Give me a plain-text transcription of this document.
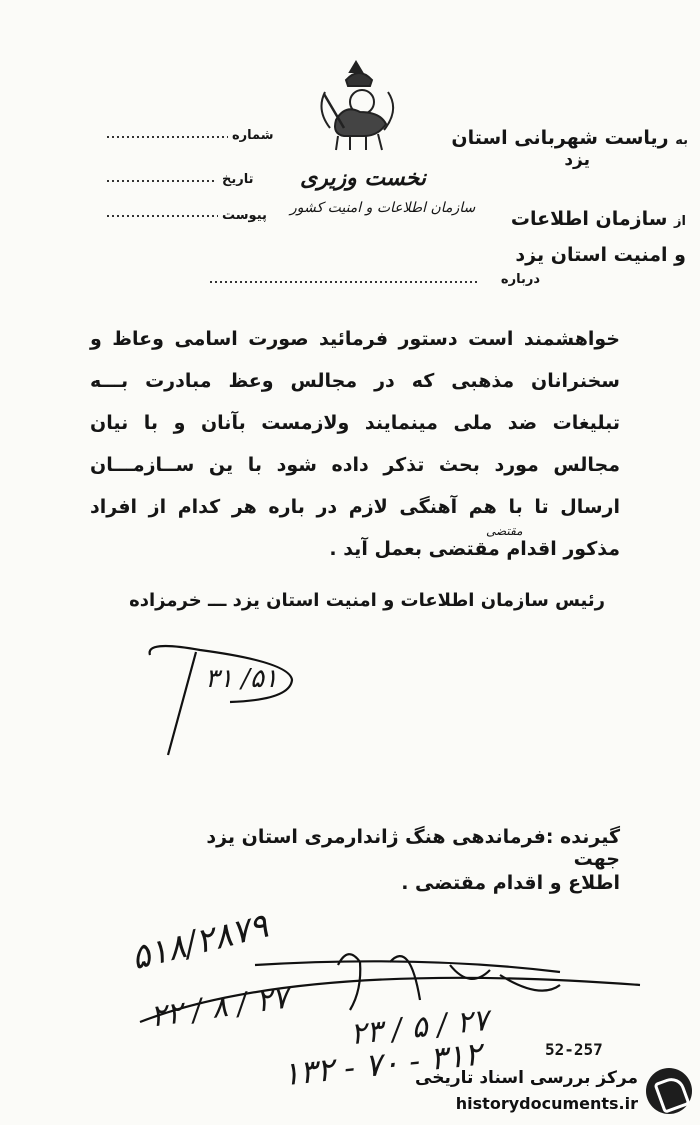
به ریاست شهربانی استان
یزد
شماره
تاریخ
پیوست
نخست وزیری
سازمان اطلاعات و امنیت کشور
از سازمان اطلاعات
و امنیت استان یزد
درباره
خواهشمند است دستور فرمائید صورت اسامی وعاظ و
سخنرانان مذهبی که در مجالس وعظ مبادرت بـــه
تبلیغات ضد ملی مینمایند ولازمست بآنان و با نیان
مجالس مورد بحث تذکر داده شود با ین ســازمـــان
ارسال تا با هم آهنگی لازم در باره هر کدام از افراد
مذکور اقدام مقتضی بعمل آید .
مقتضی
رئیس سازمان اطلاعات و امنیت استان یزد ـــ خرمزاده
۵۱/ ۳۱
گیرنده :فرماندهی هنگ ژاندارمری استان یزد جهت
اطلاع و اقدام مقتضی .
۵۱۸/۲۸۷۹
۲۷ / ۸ / ۲۲
۲۷ / ۵ / ۲۳
۳۱۲ - ۷۰ - ۱۳۲	52-257
مرکز بررسی اسناد تاریخی
historydocuments.ir
